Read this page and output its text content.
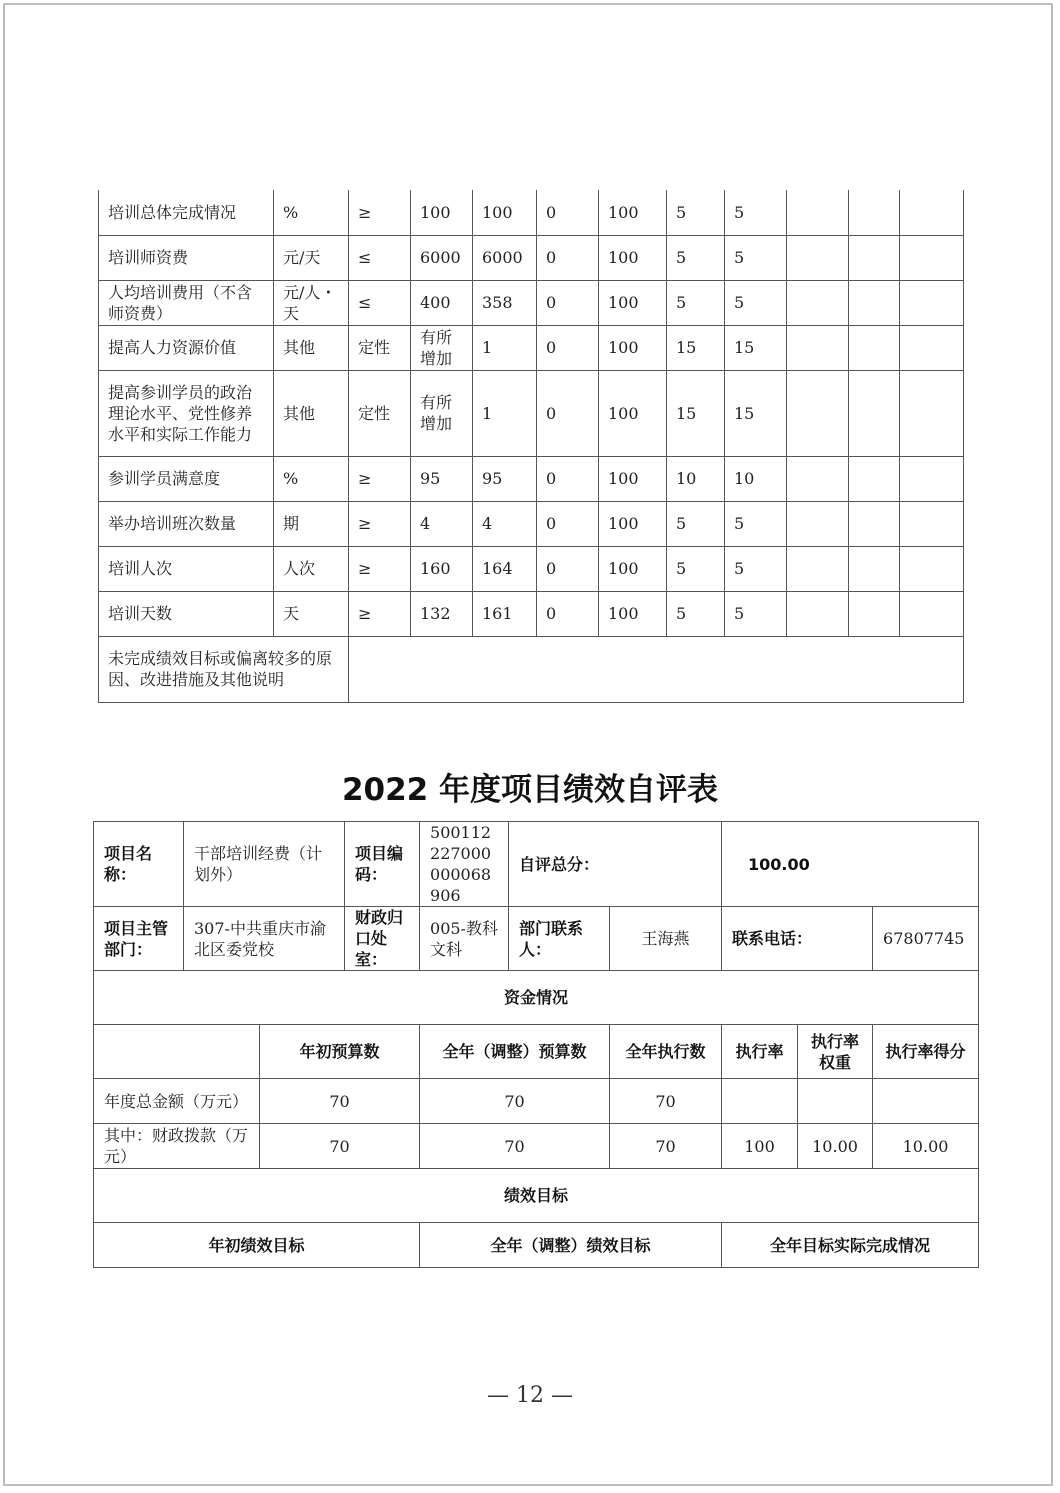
培训总体完成情况	%	≥	100	100	0	100	5	5			
培训师资费	元/天	≤	6000	6000	0	100	5	5			
人均培训费用（不含师资费）	元/人・天	≤	400	358	0	100	5	5			
提高人力资源价值	其他	定性	有所增加	1	0	100	15	15			
提高参训学员的政治理论水平、党性修养水平和实际工作能力	其他	定性	有所增加	1	0	100	15	15			
参训学员满意度	%	≥	95	95	0	100	10	10			
举办培训班次数量	期	≥	4	4	0	100	5	5			
培训人次	人次	≥	160	164	0	100	5	5			
培训天数	天	≥	132	161	0	100	5	5			
未完成绩效目标或偏离较多的原因、改进措施及其他说明											
2022 年度项目绩效自评表
项目名称：	干部培训经费（计划外）		项目编码：	500112227000000068906	自评总分：		100.00		
项目主管部门：	307-中共重庆市渝北区委党校		财政归口处室：	005-教科文科	部门联系人：	王海燕	联系电话：		67807745
资金情况									
		年初预算数		全年（调整）预算数		全年执行数	执行率	执行率权重	执行率得分
年度总金额（万元）		70		70		70			
其中：财政拨款（万元）		70		70		70	100	10.00	10.00
绩效目标									
年初绩效目标				全年（调整）绩效目标			全年目标实际完成情况		
— 12 —
